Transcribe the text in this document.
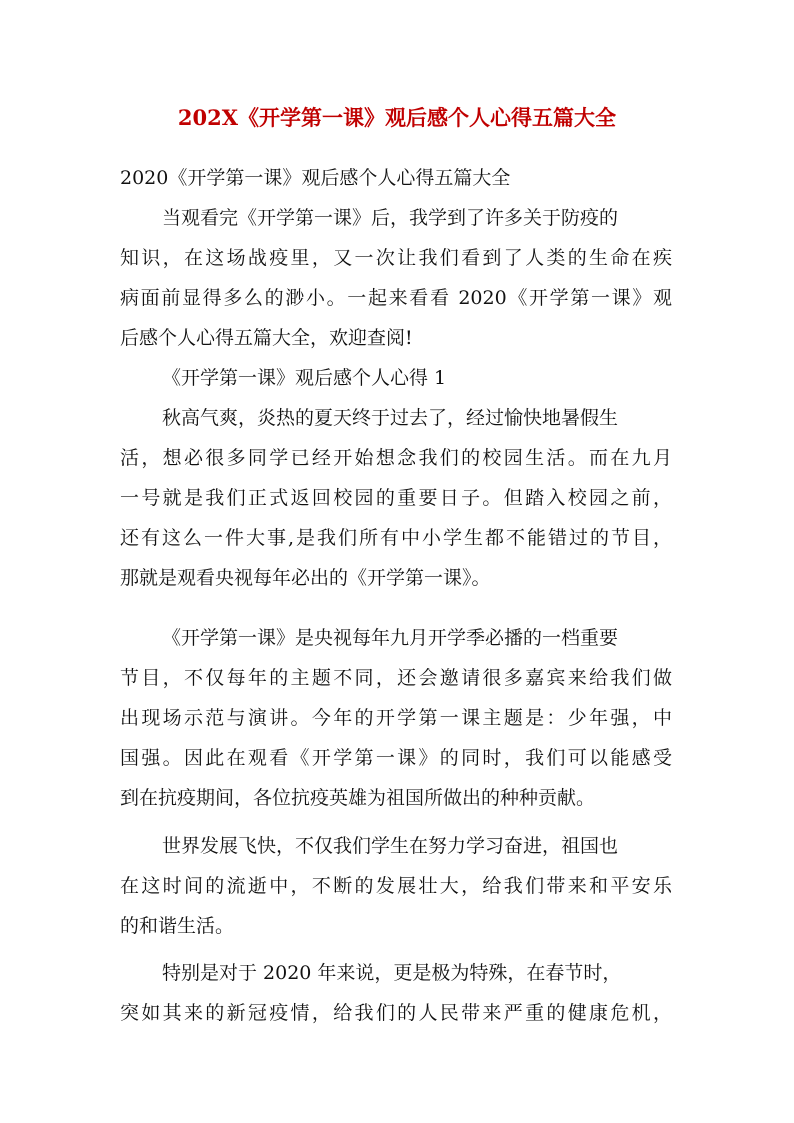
202X《开学第一课》观后感个人心得五篇大全
2020《开学第一课》观后感个人心得五篇大全
当观看完《开学第一课》后，我学到了许多关于防疫的
知识，在这场战疫里，又一次让我们看到了人类的生命在疾
病面前显得多么的渺小。一起来看看 2020《开学第一课》观
后感个人心得五篇大全，欢迎查阅!
《开学第一课》观后感个人心得 1
秋高气爽，炎热的夏天终于过去了，经过愉快地暑假生
活，想必很多同学已经开始想念我们的校园生活。而在九月
一号就是我们正式返回校园的重要日子。但踏入校园之前，
还有这么一件大事,是我们所有中小学生都不能错过的节目，
那就是观看央视每年必出的《开学第一课》。
《开学第一课》是央视每年九月开学季必播的一档重要
节目，不仅每年的主题不同，还会邀请很多嘉宾来给我们做
出现场示范与演讲。今年的开学第一课主题是：少年强，中
国强。因此在观看《开学第一课》的同时，我们可以能感受
到在抗疫期间，各位抗疫英雄为祖国所做出的种种贡献。
世界发展飞快，不仅我们学生在努力学习奋进，祖国也
在这时间的流逝中，不断的发展壮大，给我们带来和平安乐
的和谐生活。
特别是对于 2020 年来说，更是极为特殊，在春节时，
突如其来的新冠疫情，给我们的人民带来严重的健康危机，
